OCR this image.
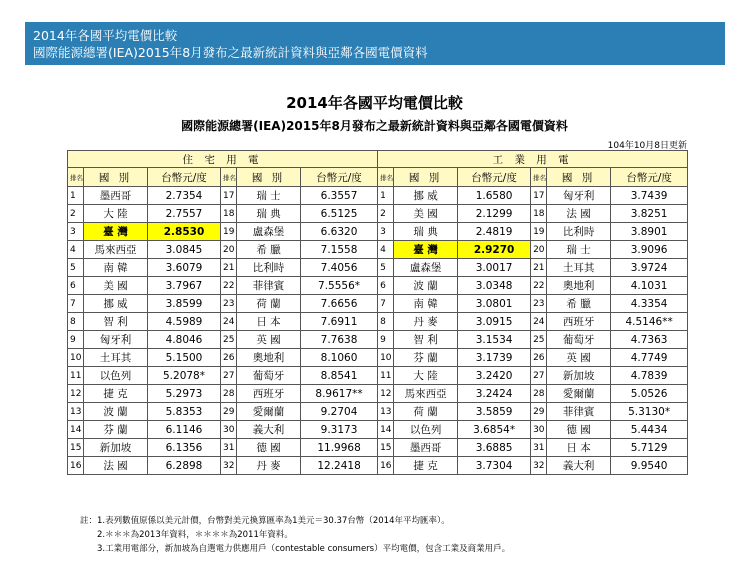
2014年各國平均電價比較
國際能源總署(IEA)2015年8月發布之最新統計資料與亞鄰各國電價資料
2014年各國平均電價比較
國際能源總署(IEA)2015年8月發布之最新統計資料與亞鄰各國電價資料
104年10月8日更新
住 宅 用 電						工 業 用 電					
排名	國 別	台幣元/度	排名	國 別	台幣元/度	排名	國 別	台幣元/度	排名	國 別	台幣元/度
1	墨西哥	2.7354	17	瑞 士	6.3557	1	挪 威	1.6580	17	匈牙利	3.7439
2	大 陸	2.7557	18	瑞 典	6.5125	2	美 國	2.1299	18	法 國	3.8251
3	臺 灣	2.8530	19	盧森堡	6.6320	3	瑞 典	2.4819	19	比利時	3.8901
4	馬來西亞	3.0845	20	希 臘	7.1558	4	臺 灣	2.9270	20	瑞 士	3.9096
5	南 韓	3.6079	21	比利時	7.4056	5	盧森堡	3.0017	21	土耳其	3.9724
6	美 國	3.7967	22	菲律賓	7.5556*	6	波 蘭	3.0348	22	奧地利	4.1031
7	挪 威	3.8599	23	荷 蘭	7.6656	7	南 韓	3.0801	23	希 臘	4.3354
8	智 利	4.5989	24	日 本	7.6911	8	丹 麥	3.0915	24	西班牙	4.5146**
9	匈牙利	4.8046	25	英 國	7.7638	9	智 利	3.1534	25	葡萄牙	4.7363
10	土耳其	5.1500	26	奧地利	8.1060	10	芬 蘭	3.1739	26	英 國	4.7749
11	以色列	5.2078*	27	葡萄牙	8.8541	11	大 陸	3.2420	27	新加坡	4.7839
12	捷 克	5.2973	28	西班牙	8.9617**	12	馬來西亞	3.2424	28	愛爾蘭	5.0526
13	波 蘭	5.8353	29	愛爾蘭	9.2704	13	荷 蘭	3.5859	29	菲律賓	5.3130*
14	芬 蘭	6.1146	30	義大利	9.3173	14	以色列	3.6854*	30	德 國	5.4434
15	新加坡	6.1356	31	德 國	11.9968	15	墨西哥	3.6885	31	日 本	5.7129
16	法 國	6.2898	32	丹 麥	12.2418	16	捷 克	3.7304	32	義大利	9.9540
註：1.表列數值原係以美元計價，台幣對美元換算匯率為1美元＝30.37台幣（2014年平均匯率）。
2.＊＊＊為2013年資料，＊＊＊＊為2011年資料。
3.工業用電部分，新加坡為自選電力供應用戶（contestable consumers）平均電價，包含工業及商業用戶。
